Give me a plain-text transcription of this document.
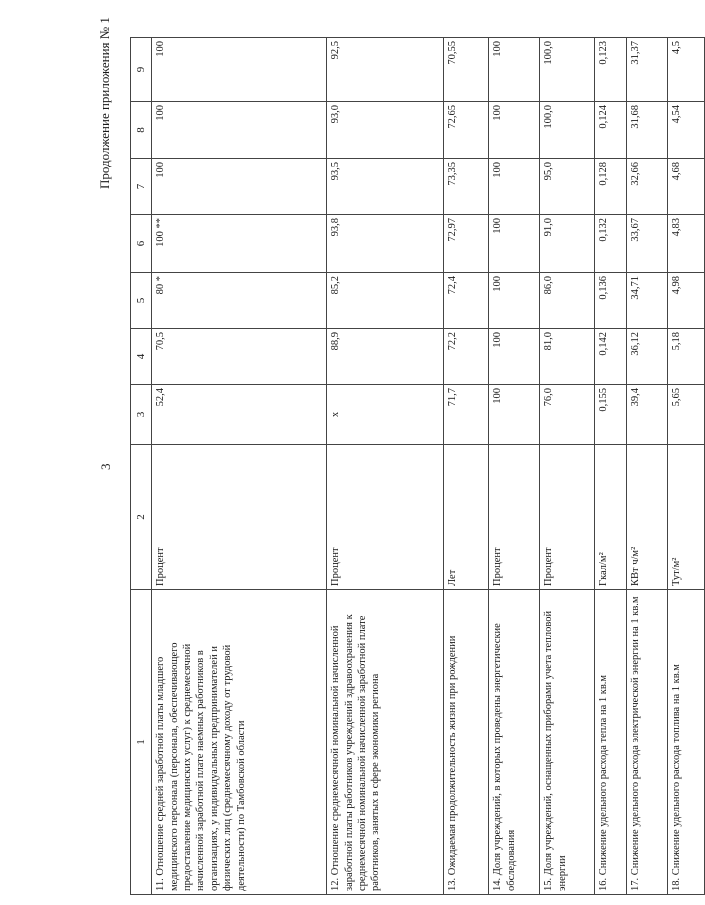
3
Продолжение приложения № 1
1	2	3	4	5	6	7	8	9
11. Отношение средней заработной платы младшего медицинского персонала (персонала, обеспечивающего предоставление медицинских услуг) к среднемесячной начисленной заработной плате наемных работников в организациях, у индивидуальных предпринимателей и физических лиц (среднемесячному доходу от трудовой деятельности) по Тамбовской области	Процент	52,4	70,5	80 *	100 **	100	100	100
12. Отношение среднемесячной номинальной начисленной заработной платы работников учреждений здравоохранения к среднемесячной номинальной начисленной заработной плате работников, занятых в сфере экономики региона	Процент	х	88,9	85,2	93,8	93,5	93,0	92,5
13. Ожидаемая продолжительность жизни при рождении	Лет	71,7	72,2	72,4	72,97	73,35	72,65	70,55
14. Доля учреждений, в которых проведены энергетические обследования	Процент	100	100	100	100	100	100	100
15. Доля учреждений, оснащенных приборами учета тепловой энергии	Процент	76,0	81,0	86,0	91,0	95,0	100,0	100,0
16. Снижение удельного расхода тепла на 1 кв.м	Гкал/м²	0,155	0,142	0,136	0,132	0,128	0,124	0,123
17. Снижение удельного расхода электрической энергии на 1 кв.м	КВт ч/м²	39,4	36,12	34,71	33,67	32,66	31,68	31,37
18. Снижение удельного расхода топлива на 1 кв.м	Тут/м²	5,65	5,18	4,98	4,83	4,68	4,54	4,5
